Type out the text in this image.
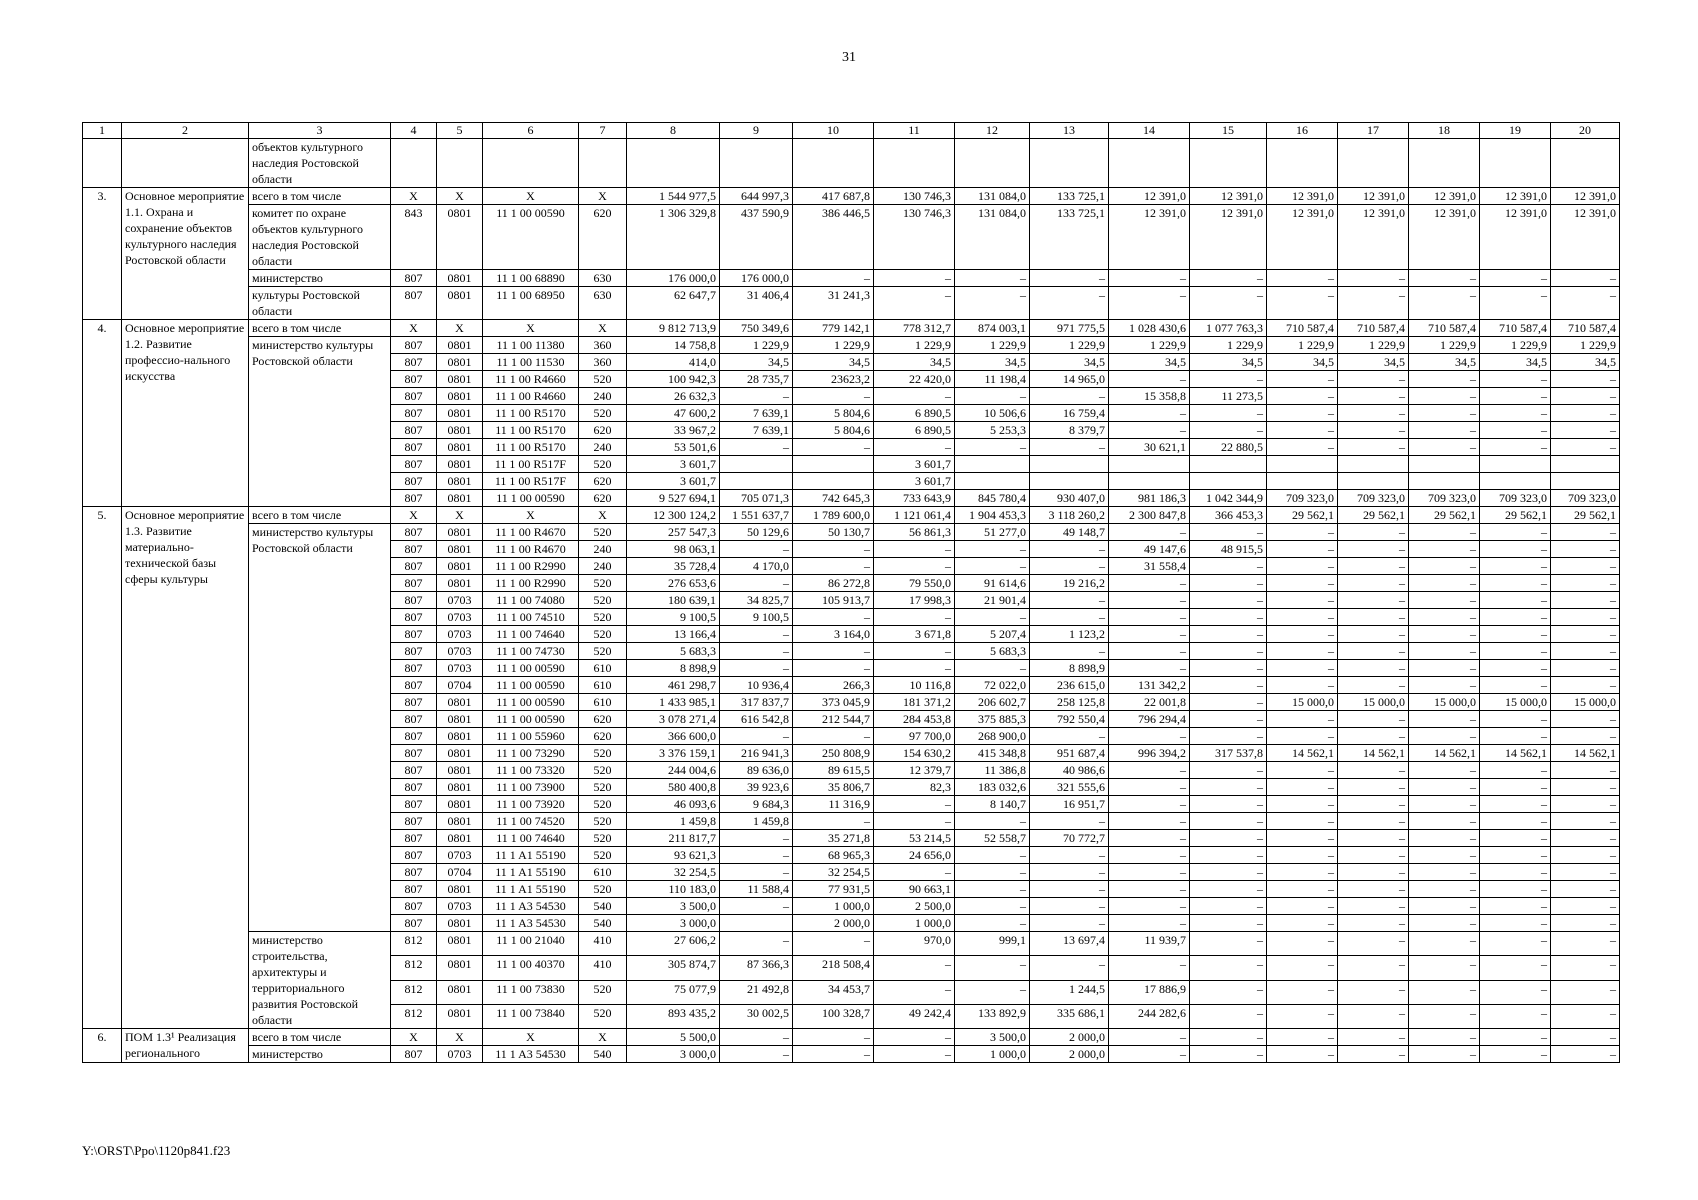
31
1	2	3	4	5	6	7	8	9	10	11	12	13	14	15	16	17	18	19	20
		объектов культурного наследия Ростовской области																	
3.	Основное мероприятие 1.1. Охрана и сохранение объектов культурного наследия Ростовской области	всего в том числе	X	X	X	X	1 544 977,5	644 997,3	417 687,8	130 746,3	131 084,0	133 725,1	12 391,0	12 391,0	12 391,0	12 391,0	12 391,0	12 391,0	12 391,0
		комитет по охране объектов культурного наследия Ростовской области	843	0801	11 1 00 00590	620	1 306 329,8	437 590,9	386 446,5	130 746,3	131 084,0	133 725,1	12 391,0	12 391,0	12 391,0	12 391,0	12 391,0	12 391,0	12 391,0
		министерство	807	0801	11 1 00 68890	630	176 000,0	176 000,0	–	–	–	–	–	–	–	–	–	–	–
		культуры Ростовской области	807	0801	11 1 00 68950	630	62 647,7	31 406,4	31 241,3	–	–	–	–	–	–	–	–	–	–
4.	Основное мероприятие 1.2. Развитие профессио-нального искусства	всего в том числе	X	X	X	X	9 812 713,9	750 349,6	779 142,1	778 312,7	874 003,1	971 775,5	1 028 430,6	1 077 763,3	710 587,4	710 587,4	710 587,4	710 587,4	710 587,4
		министерство культуры Ростовской области	807	0801	11 1 00 11380	360	14 758,8	1 229,9	1 229,9	1 229,9	1 229,9	1 229,9	1 229,9	1 229,9	1 229,9	1 229,9	1 229,9	1 229,9	1 229,9
			807	0801	11 1 00 11530	360	414,0	34,5	34,5	34,5	34,5	34,5	34,5	34,5	34,5	34,5	34,5	34,5	34,5
			807	0801	11 1 00 R4660	520	100 942,3	28 735,7	23623,2	22 420,0	11 198,4	14 965,0	–	–	–	–	–	–	–
			807	0801	11 1 00 R4660	240	26 632,3	–	–	–	–	–	15 358,8	11 273,5	–	–	–	–	–
			807	0801	11 1 00 R5170	520	47 600,2	7 639,1	5 804,6	6 890,5	10 506,6	16 759,4	–	–	–	–	–	–	–
			807	0801	11 1 00 R5170	620	33 967,2	7 639,1	5 804,6	6 890,5	5 253,3	8 379,7	–	–	–	–	–	–	–
			807	0801	11 1 00 R5170	240	53 501,6	–	–	–	–	–	30 621,1	22 880,5	–	–	–	–	–
			807	0801	11 1 00 R517F	520	3 601,7			3 601,7									
			807	0801	11 1 00 R517F	620	3 601,7			3 601,7									
			807	0801	11 1 00 00590	620	9 527 694,1	705 071,3	742 645,3	733 643,9	845 780,4	930 407,0	981 186,3	1 042 344,9	709 323,0	709 323,0	709 323,0	709 323,0	709 323,0
5.	Основное мероприятие 1.3. Развитие материально-технической базы сферы культуры	всего в том числе	X	X	X	X	12 300 124,2	1 551 637,7	1 789 600,0	1 121 061,4	1 904 453,3	3 118 260,2	2 300 847,8	366 453,3	29 562,1	29 562,1	29 562,1	29 562,1	29 562,1
		министерство культуры Ростовской области	807	0801	11 1 00 R4670	520	257 547,3	50 129,6	50 130,7	56 861,3	51 277,0	49 148,7	–	–	–	–	–	–	–
			807	0801	11 1 00 R4670	240	98 063,1	–	–	–	–	–	49 147,6	48 915,5	–	–	–	–	–
			807	0801	11 1 00 R2990	240	35 728,4	4 170,0	–	–	–	–	31 558,4	–	–	–	–	–	–
			807	0801	11 1 00 R2990	520	276 653,6	–	86 272,8	79 550,0	91 614,6	19 216,2	–	–	–	–	–	–	–
			807	0703	11 1 00 74080	520	180 639,1	34 825,7	105 913,7	17 998,3	21 901,4	–	–	–	–	–	–	–	–
			807	0703	11 1 00 74510	520	9 100,5	9 100,5	–	–	–	–	–	–	–	–	–	–	–
			807	0703	11 1 00 74640	520	13 166,4	–	3 164,0	3 671,8	5 207,4	1 123,2	–	–	–	–	–	–	–
			807	0703	11 1 00 74730	520	5 683,3	–	–	–	5 683,3	–	–	–	–	–	–	–	–
			807	0703	11 1 00 00590	610	8 898,9	–	–	–	–	8 898,9	–	–	–	–	–	–	–
			807	0704	11 1 00 00590	610	461 298,7	10 936,4	266,3	10 116,8	72 022,0	236 615,0	131 342,2	–	–	–	–	–	–
			807	0801	11 1 00 00590	610	1 433 985,1	317 837,7	373 045,9	181 371,2	206 602,7	258 125,8	22 001,8	–	15 000,0	15 000,0	15 000,0	15 000,0	15 000,0
			807	0801	11 1 00 00590	620	3 078 271,4	616 542,8	212 544,7	284 453,8	375 885,3	792 550,4	796 294,4	–	–	–	–	–	–
			807	0801	11 1 00 55960	620	366 600,0	–	–	97 700,0	268 900,0	–	–	–	–	–	–	–	–
			807	0801	11 1 00 73290	520	3 376 159,1	216 941,3	250 808,9	154 630,2	415 348,8	951 687,4	996 394,2	317 537,8	14 562,1	14 562,1	14 562,1	14 562,1	14 562,1
			807	0801	11 1 00 73320	520	244 004,6	89 636,0	89 615,5	12 379,7	11 386,8	40 986,6	–	–	–	–	–	–	–
			807	0801	11 1 00 73900	520	580 400,8	39 923,6	35 806,7	82,3	183 032,6	321 555,6	–	–	–	–	–	–	–
			807	0801	11 1 00 73920	520	46 093,6	9 684,3	11 316,9	–	8 140,7	16 951,7	–	–	–	–	–	–	–
			807	0801	11 1 00 74520	520	1 459,8	1 459,8	–	–	–	–	–	–	–	–	–	–	–
			807	0801	11 1 00 74640	520	211 817,7	–	35 271,8	53 214,5	52 558,7	70 772,7	–	–	–	–	–	–	–
			807	0703	11 1 A1 55190	520	93 621,3	–	68 965,3	24 656,0	–	–	–	–	–	–	–	–	–
			807	0704	11 1 A1 55190	610	32 254,5	–	32 254,5	–	–	–	–	–	–	–	–	–	–
			807	0801	11 1 A1 55190	520	110 183,0	11 588,4	77 931,5	90 663,1	–	–	–	–	–	–	–	–	–
			807	0703	11 1 A3 54530	540	3 500,0	–	1 000,0	2 500,0	–	–	–	–	–	–	–	–	–
			807	0801	11 1 A3 54530	540	3 000,0		2 000,0	1 000,0	–	–	–	–	–	–	–	–	–
		министерство строительства, архитектуры и территориального развития Ростовской области	812	0801	11 1 00 21040	410	27 606,2	–	–	970,0	999,1	13 697,4	11 939,7	–	–	–	–	–	–
			812	0801	11 1 00 40370	410	305 874,7	87 366,3	218 508,4	–	–	–	–	–	–	–	–	–	–
			812	0801	11 1 00 73830	520	75 077,9	21 492,8	34 453,7	–	–	1 244,5	17 886,9	–	–	–	–	–	–
			812	0801	11 1 00 73840	520	893 435,2	30 002,5	100 328,7	49 242,4	133 892,9	335 686,1	244 282,6	–	–	–	–	–	–
6.	ПОМ 1.3¹ Реализация регионального	всего в том числе	X	X	X	X	5 500,0	–	–	–	3 500,0	2 000,0	–	–	–	–	–	–	–
		министерство	807	0703	11 1 A3 54530	540	3 000,0	–	–	–	1 000,0	2 000,0	–	–	–	–	–	–	–
Y:\ORST\Ppo\1120p841.f23
